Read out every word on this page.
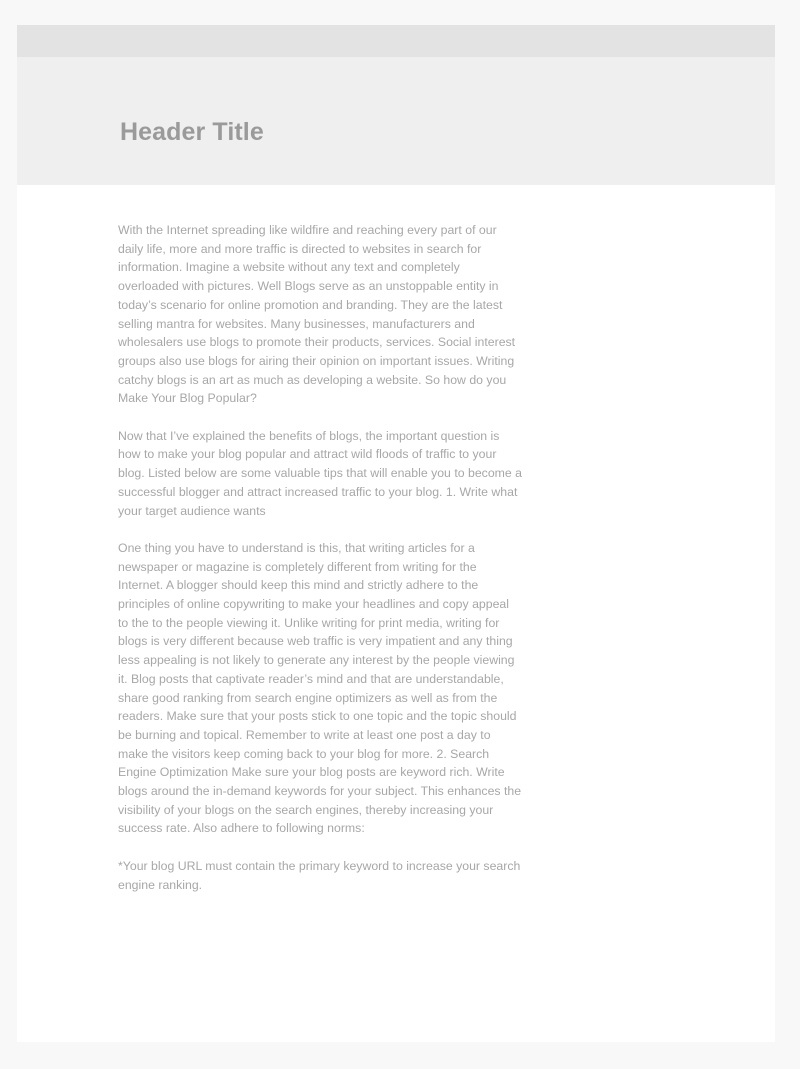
Header Title

With the Internet spreading like wildfire and reaching every part of our daily life, more and more traffic is directed to websites in search for information. Imagine a website without any text and completely overloaded with pictures. Well Blogs serve as an unstoppable entity in today’s scenario for online promotion and branding. They are the latest selling mantra for websites. Many businesses, manufacturers and wholesalers use blogs to promote their products, services. Social interest groups also use blogs for airing their opinion on important issues. Writing catchy blogs is an art as much as developing a website. So how do you Make Your Blog Popular?

Now that I’ve explained the benefits of blogs, the important question is how to make your blog popular and attract wild floods of traffic to your blog. Listed below are some valuable tips that will enable you to become a successful blogger and attract increased traffic to your blog. 1. Write what your target audience wants

One thing you have to understand is this, that writing articles for a newspaper or magazine is completely different from writing for the Internet. A blogger should keep this mind and strictly adhere to the principles of online copywriting to make your headlines and copy appeal to the to the people viewing it. Unlike writing for print media, writing for blogs is very different because web traffic is very impatient and any thing less appealing is not likely to generate any interest by the people viewing it. Blog posts that captivate reader’s mind and that are understandable, share good ranking from search engine optimizers as well as from the readers. Make sure that your posts stick to one topic and the topic should be burning and topical. Remember to write at least one post a day to make the visitors keep coming back to your blog for more. 2. Search Engine Optimization Make sure your blog posts are keyword rich. Write blogs around the in-demand keywords for your subject. This enhances the visibility of your blogs on the search engines, thereby increasing your success rate. Also adhere to following norms:

*Your blog URL must contain the primary keyword to increase your search engine ranking.
